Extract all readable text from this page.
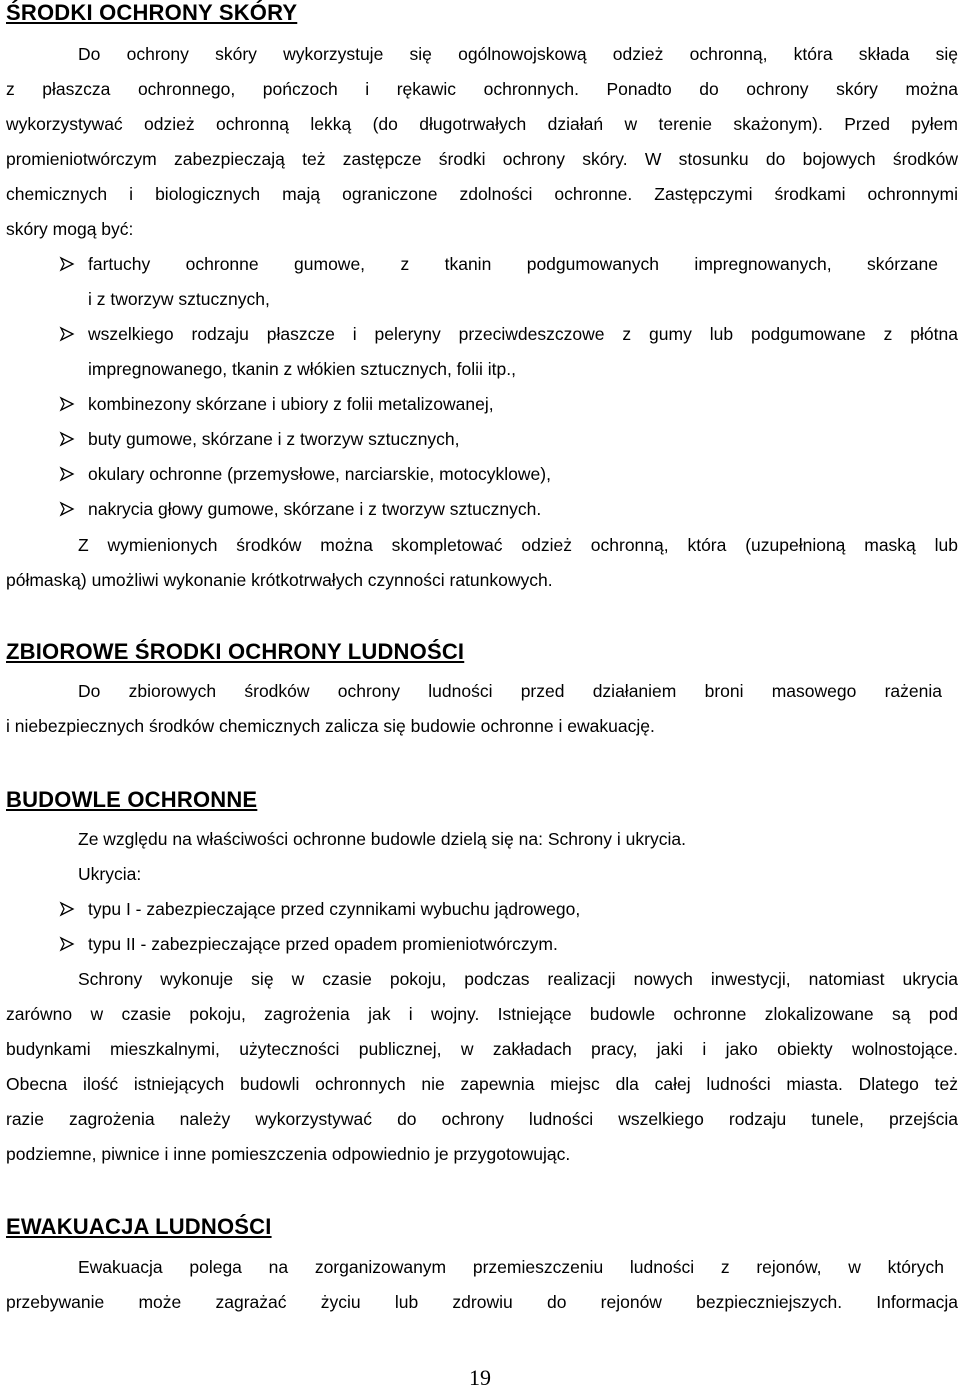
ŚRODKI OCHRONY SKÓRY
Do ochrony skóry wykorzystuje się ogólnowojskową odzież ochronną, która składa się
z płaszcza ochronnego, pończoch i rękawic ochronnych. Ponadto do ochrony skóry można
wykorzystywać odzież ochronną lekką (do długotrwałych działań w terenie skażonym). Przed pyłem
promieniotwórczym zabezpieczają też zastępcze środki ochrony skóry. W stosunku do bojowych środków
chemicznych i biologicznych mają ograniczone zdolności ochronne. Zastępczymi środkami ochronnymi
skóry mogą być:
fartuchy ochronne gumowe, z tkanin podgumowanych impregnowanych, skórzane
i z tworzyw sztucznych,
wszelkiego rodzaju płaszcze i peleryny przeciwdeszczowe z gumy lub podgumowane z płótna
impregnowanego, tkanin z włókien sztucznych, folii itp.,
kombinezony skórzane i ubiory z folii metalizowanej,
buty gumowe, skórzane i z tworzyw sztucznych,
okulary ochronne (przemysłowe, narciarskie, motocyklowe),
nakrycia głowy gumowe, skórzane i z tworzyw sztucznych.
Z wymienionych środków można skompletować odzież ochronną, która (uzupełnioną maską lub
półmaską) umożliwi wykonanie krótkotrwałych czynności ratunkowych.
ZBIOROWE ŚRODKI OCHRONY LUDNOŚCI
Do zbiorowych środków ochrony ludności przed działaniem broni masowego rażenia
i niebezpiecznych środków chemicznych zalicza się budowie ochronne i ewakuację.
BUDOWLE OCHRONNE
Ze względu na właściwości ochronne budowle dzielą się na: Schrony i ukrycia.
Ukrycia:
typu I - zabezpieczające przed czynnikami wybuchu jądrowego,
typu II - zabezpieczające przed opadem promieniotwórczym.
Schrony wykonuje się w czasie pokoju, podczas realizacji nowych inwestycji, natomiast ukrycia
zarówno w czasie pokoju, zagrożenia jak i wojny. Istniejące budowle ochronne zlokalizowane są pod
budynkami mieszkalnymi, użyteczności publicznej, w zakładach pracy, jaki i jako obiekty wolnostojące.
Obecna ilość istniejących budowli ochronnych nie zapewnia miejsc dla całej ludności miasta. Dlatego też
razie zagrożenia należy wykorzystywać do ochrony ludności wszelkiego rodzaju tunele, przejścia
podziemne, piwnice i inne pomieszczenia odpowiednio je przygotowując.
EWAKUACJA LUDNOŚCI
Ewakuacja polega na zorganizowanym przemieszczeniu ludności z rejonów, w których
przebywanie może zagrażać życiu lub zdrowiu do rejonów bezpieczniejszych. Informacja
19
